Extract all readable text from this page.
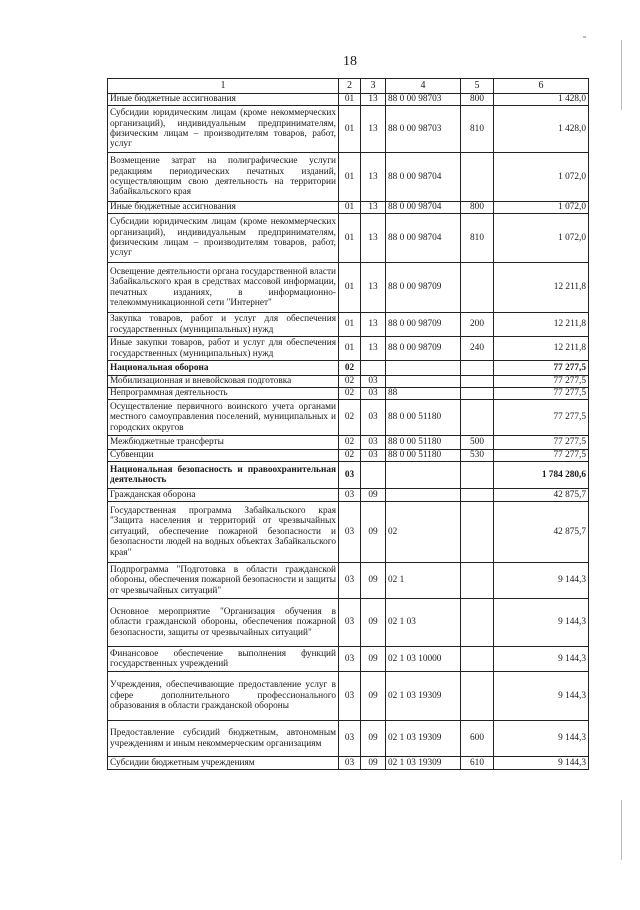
18
1	2	3	4	5	6
Иные бюджетные ассигнования	01	13	88 0 00 98703	800	1 428,0
Субсидии юридическим лицам (кроме некоммерческих организаций), индивидуальным предпринимателям, физическим лицам – производителям товаров, работ, услуг	01	13	88 0 00 98703	810	1 428,0
Возмещение затрат на полиграфические услуги редакциям периодических печатных изданий, осуществляющим свою деятельность на территории Забайкальского края	01	13	88 0 00 98704		1 072,0
Иные бюджетные ассигнования	01	13	88 0 00 98704	800	1 072,0
Субсидии юридическим лицам (кроме некоммерческих организаций), индивидуальным предпринимателям, физическим лицам – производителям товаров, работ, услуг	01	13	88 0 00 98704	810	1 072,0
Освещение деятельности органа государственной власти Забайкальского края в средствах массовой информации, печатных изданиях, в информационно-телекоммуникационной сети "Интернет"	01	13	88 0 00 98709		12 211,8
Закупка товаров, работ и услуг для обеспечения государственных (муниципальных) нужд	01	13	88 0 00 98709	200	12 211,8
Иные закупки товаров, работ и услуг для обеспечения государственных (муниципальных) нужд	01	13	88 0 00 98709	240	12 211,8
Национальная оборона	02				77 277,5
Мобилизационная и вневойсковая подготовка	02	03			77 277,5
Непрограммная деятельность	02	03	88		77 277,5
Осуществление первичного воинского учета органами местного самоуправления поселений, муниципальных и городских округов	02	03	88 0 00 51180		77 277,5
Межбюджетные трансферты	02	03	88 0 00 51180	500	77 277,5
Субвенции	02	03	88 0 00 51180	530	77 277,5
Национальная безопасность и правоохранительная деятельность	03				1 784 280,6
Гражданская оборона	03	09			42 875,7
Государственная программа Забайкальского края "Защита населения и территорий от чрезвычайных ситуаций, обеспечение пожарной безопасности и безопасности людей на водных объектах Забайкальского края"	03	09	02		42 875,7
Подпрограмма "Подготовка в области гражданской обороны, обеспечения пожарной безопасности и защиты от чрезвычайных ситуаций"	03	09	02 1		9 144,3
Основное мероприятие "Организация обучения в области гражданской обороны, обеспечения пожарной безопасности, защиты от чрезвычайных ситуаций"	03	09	02 1 03		9 144,3
Финансовое обеспечение выполнения функций государственных учреждений	03	09	02 1 03 10000		9 144,3
Учреждения, обеспечивающие предоставление услуг в сфере дополнительного профессионального образования в области гражданской обороны	03	09	02 1 03 19309		9 144,3
Предоставление субсидий бюджетным, автономным учреждениям и иным некоммерческим организациям	03	09	02 1 03 19309	600	9 144,3
Субсидии бюджетным учреждениям	03	09	02 1 03 19309	610	9 144,3
